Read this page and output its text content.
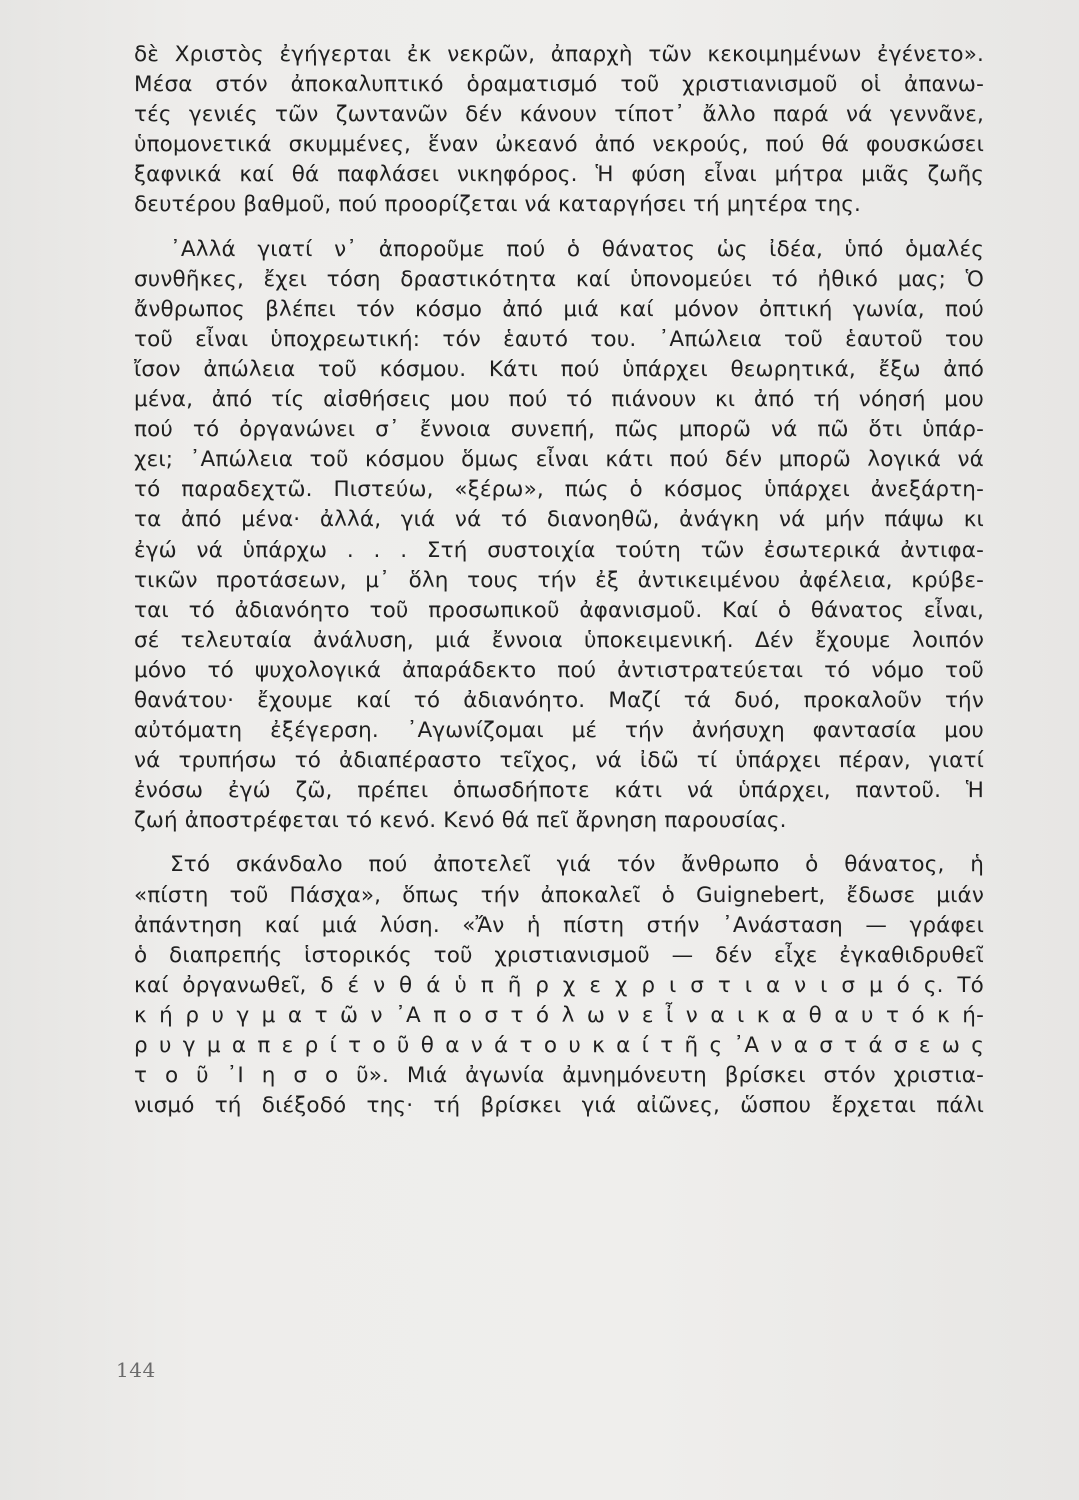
δὲ Χριστὸς ἐγήγερται ἐκ νεκρῶν, ἀπαρχὴ τῶν κεκοιμημένων ἐγένετο».
Μέσα στόν ἀποκαλυπτικό ὁραματισμό τοῦ χριστιανισμοῦ οἱ ἀπανω-
τές γενιές τῶν ζωντανῶν δέν κάνουν τίποτ᾽ ἄλλο παρά νά γεννᾶνε,
ὑπομονετικά σκυμμένες, ἕναν ὠκεανό ἀπό νεκρούς, πού θά φουσκώσει
ξαφνικά καί θά παφλάσει νικηφόρος. Ἡ φύση εἶναι μήτρα μιᾶς ζωῆς
δευτέρου βαθμοῦ, πού προορίζεται νά καταργήσει τή μητέρα της.
᾿Αλλά γιατί ν᾽ ἀποροῦμε πού ὁ θάνατος ὡς ἰδέα, ὑπό ὁμαλές
συνθῆκες, ἔχει τόση δραστικότητα καί ὑπονομεύει τό ἠθικό μας; Ὁ
ἄνθρωπος βλέπει τόν κόσμο ἀπό μιά καί μόνον ὀπτική γωνία, πού
τοῦ εἶναι ὑποχρεωτική: τόν ἑαυτό του. ᾿Απώλεια τοῦ ἑαυτοῦ του
ἴσον ἀπώλεια τοῦ κόσμου. Κάτι πού ὑπάρχει θεωρητικά, ἔξω ἀπό
μένα, ἀπό τίς αἰσθήσεις μου πού τό πιάνουν κι ἀπό τή νόησή μου
πού τό ὀργανώνει σ᾽ ἔννοια συνεπή, πῶς μπορῶ νά πῶ ὅτι ὑπάρ-
χει; ᾿Απώλεια τοῦ κόσμου ὅμως εἶναι κάτι πού δέν μπορῶ λογικά νά
τό παραδεχτῶ. Πιστεύω, «ξέρω», πώς ὁ κόσμος ὑπάρχει ἀνεξάρτη-
τα ἀπό μένα· ἀλλά, γιά νά τό διανοηθῶ, ἀνάγκη νά μήν πάψω κι
ἐγώ νά ὑπάρχω . . . Στή συστοιχία τούτη τῶν ἐσωτερικά ἀντιφα-
τικῶν προτάσεων, μ᾽ ὅλη τους τήν ἐξ ἀντικειμένου ἀφέλεια, κρύβε-
ται τό ἀδιανόητο τοῦ προσωπικοῦ ἀφανισμοῦ. Καί ὁ θάνατος εἶναι,
σέ τελευταία ἀνάλυση, μιά ἔννοια ὑποκειμενική. Δέν ἔχουμε λοιπόν
μόνο τό ψυχολογικά ἀπαράδεκτο πού ἀντιστρατεύεται τό νόμο τοῦ
θανάτου· ἔχουμε καί τό ἀδιανόητο. Μαζί τά δυό, προκαλοῦν τήν
αὐτόματη ἐξέγερση. ᾿Αγωνίζομαι μέ τήν ἀνήσυχη φαντασία μου
νά τρυπήσω τό ἀδιαπέραστο τεῖχος, νά ἰδῶ τί ὑπάρχει πέραν, γιατί
ἐνόσω ἐγώ ζῶ, πρέπει ὁπωσδήποτε κάτι νά ὑπάρχει, παντοῦ. Ἡ
ζωή ἀποστρέφεται τό κενό. Κενό θά πεῖ ἄρνηση παρουσίας.
Στό σκάνδαλο πού ἀποτελεῖ γιά τόν ἄνθρωπο ὁ θάνατος, ἡ
«πίστη τοῦ Πάσχα», ὅπως τήν ἀποκαλεῖ ὁ Guignebert, ἔδωσε μιάν
ἀπάντηση καί μιά λύση. «Ἄν ἡ πίστη στήν ᾿Ανάσταση — γράφει
ὁ διαπρεπής ἱστορικός τοῦ χριστιανισμοῦ — δέν εἶχε ἐγκαθιδρυθεῖ
καί ὀργανωθεῖ, δ έ ν θ ά ὑ π ῆ ρ χ ε χ ρ ι σ τ ι α ν ι σ μ ό ς. Τό
κ ή ρ υ γ μ α τ ῶ ν ᾿Α π ο σ τ ό λ ω ν ε ἶ ν α ι κ α θ α υ τ ό κ ή-
ρ υ γ μ α π ε ρ ί τ ο ῦ θ α ν ά τ ο υ κ α ί τ ῆ ς ᾿Α ν α σ τ ά σ ε ω ς
τ ο ῦ ᾿Ι η σ ο ῦ». Μιά ἀγωνία ἀμνημόνευτη βρίσκει στόν χριστια-
νισμό τή διέξοδό της· τή βρίσκει γιά αἰῶνες, ὥσπου ἔρχεται πάλι
144
